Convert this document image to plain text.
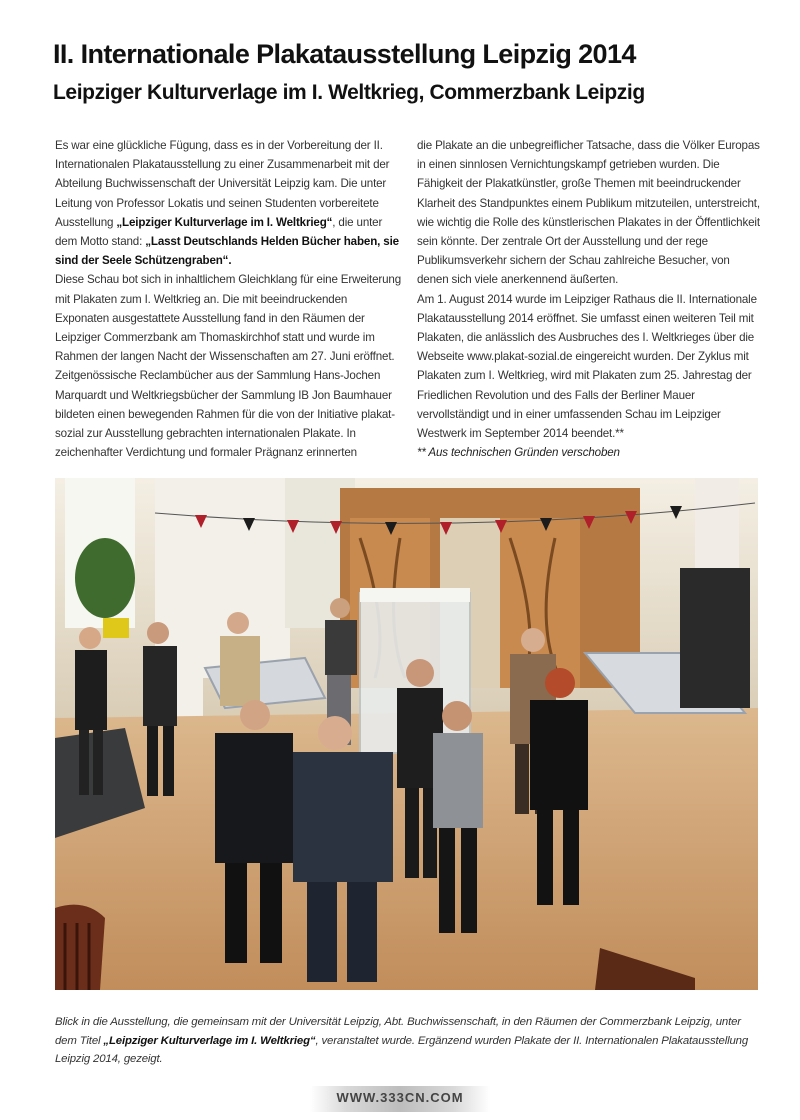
II. Internationale Plakatausstellung Leipzig 2014
Leipziger Kulturverlage im I. Weltkrieg, Commerzbank Leipzig

Es war eine glückliche Fügung, dass es in der Vorbereitung der II. Internationalen Plakatausstellung zu einer Zusammenarbeit mit der Abteilung Buchwissenschaft der Universität Leipzig kam. Die unter Leitung von Professor Lokatis und seinen Studenten vorbereitete Ausstellung „Leipziger Kulturverlage im I. Weltkrieg“, die unter dem Motto stand: „Lasst Deutschlands Helden Bücher haben, sie sind der Seele Schützengraben“.

Diese Schau bot sich in inhaltlichem Gleichklang für eine Erweiterung mit Plakaten zum I. Weltkrieg an. Die mit beeindruckenden Exponaten ausgestattete Ausstellung fand in den Räumen der Leipziger Commerzbank am Thomaskirchhof statt und wurde im Rahmen der langen Nacht der Wissenschaften am 27. Juni eröffnet. Zeitgenössische Reclambücher aus der Sammlung Hans-Jochen Marquardt und Weltkriegsbücher der Sammlung IB Jon Baumhauer bildeten einen bewegenden Rahmen für die von der Initiative plakat-sozial zur Ausstellung gebrachten internationalen Plakate. In zeichenhafter Verdichtung und formaler Prägnanz erinnerten

die Plakate an die unbegreiflicher Tatsache, dass die Völker Europas in einen sinnlosen Vernichtungskampf getrieben wurden. Die Fähigkeit der Plakatkünstler, große Themen mit beeindruckender Klarheit des Standpunktes einem Publikum mitzuteilen, unterstreicht, wie wichtig die Rolle des künstlerischen Plakates in der Öffentlichkeit sein könnte. Der zentrale Ort der Ausstellung und der rege Publikumsverkehr sichern der Schau zahlreiche Besucher, von denen sich viele anerkennend äußerten.

Am 1. August 2014 wurde im Leipziger Rathaus die II. Internationale Plakatausstellung 2014 eröffnet. Sie umfasst einen weiteren Teil mit Plakaten, die anlässlich des Ausbruches des I. Weltkrieges über die Webseite www.plakat-sozial.de eingereicht wurden. Der Zyklus mit Plakaten zum I. Weltkrieg, wird mit Plakaten zum 25. Jahrestag der Friedlichen Revolution und des Falls der Berliner Mauer vervollständigt und in einer umfassenden Schau im Leipziger Westwerk im September 2014 beendet.**

** Aus technischen Gründen verschoben

Blick in die Ausstellung, die gemeinsam mit der Universität Leipzig, Abt. Buchwissenschaft, in den Räumen der Commerzbank Leipzig, unter dem Titel „Leipziger Kulturverlage im I. Weltkrieg“, veranstaltet wurde. Ergänzend wurden Plakate der II. Internationalen Plakatausstellung Leipzig 2014, gezeigt.
WWW.333CN.COM
